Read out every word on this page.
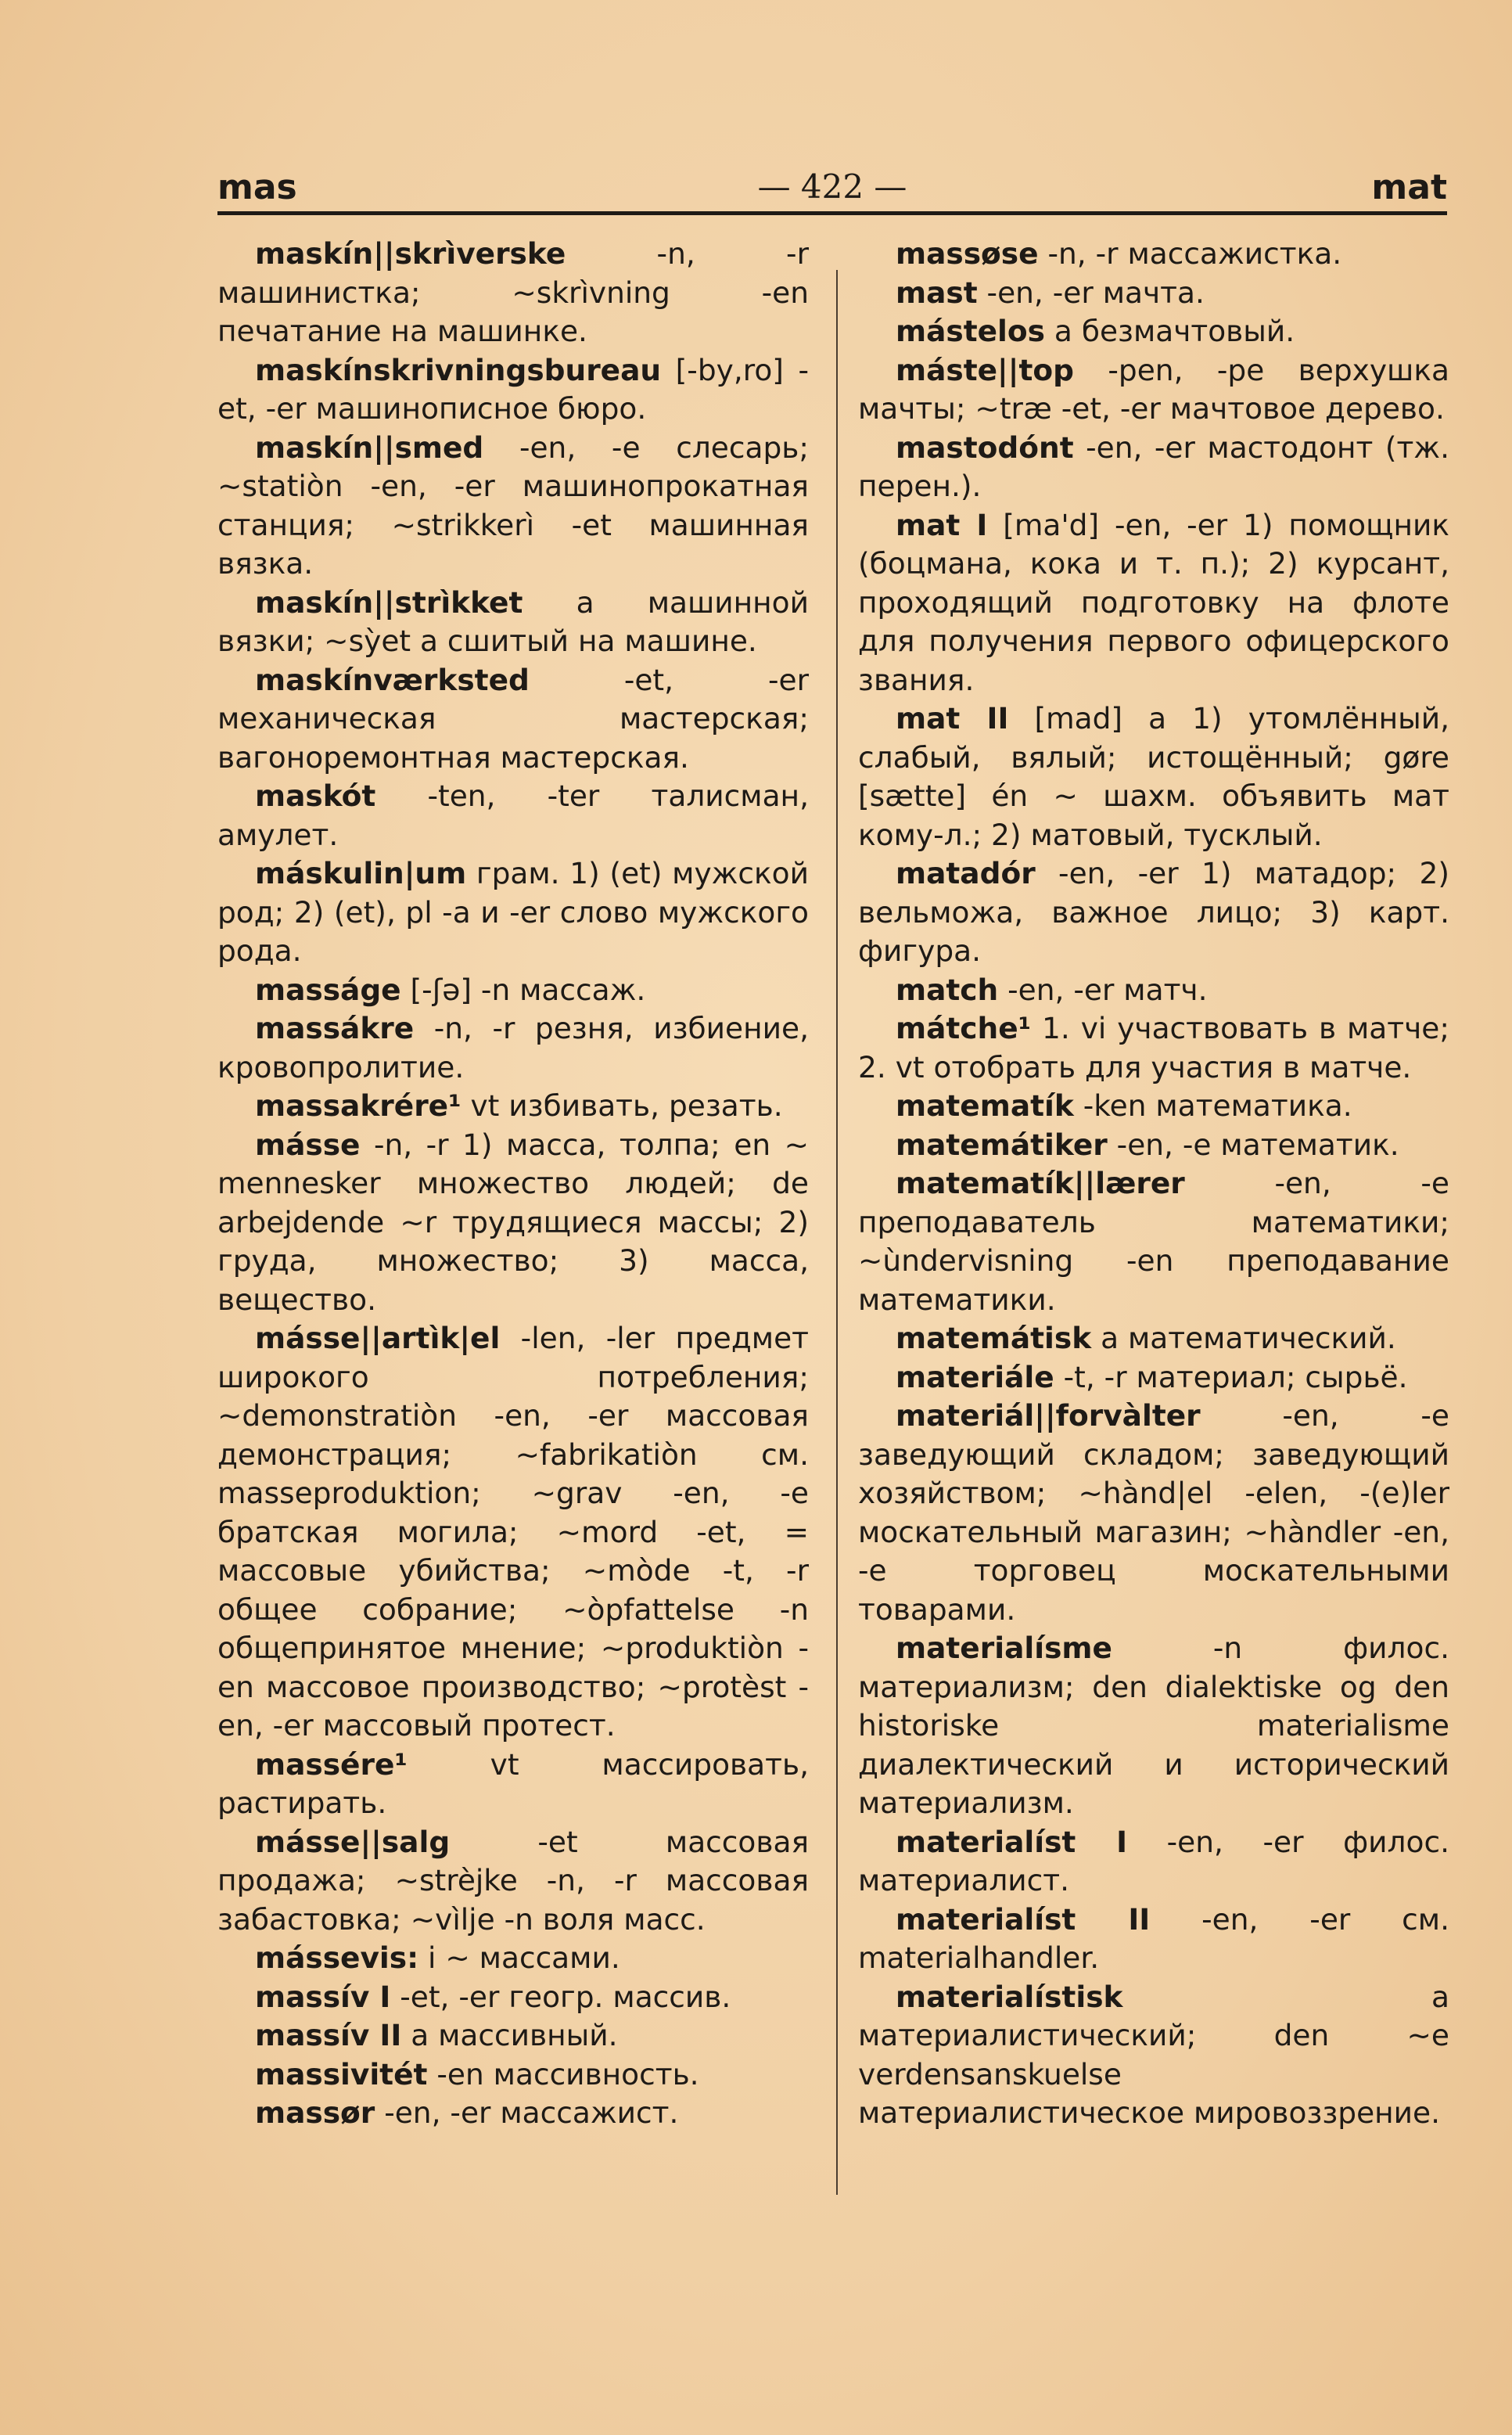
mas	— 422 —	mat

maskín||skrìverske -n, -r машинистка; ~skrìvning -en печатание на машинке.

maskínskrivningsbureau [-by,ro] -et, -er машинописное бюро.

maskín||smed -en, -e слесарь; ~statiòn -en, -er машинопрокатная станция; ~strikkerì -et машинная вязка.

maskín||strìkket a машинной вязки; ~sỳet a сшитый на машине.

maskínværksted -et, -er механическая мастерская; вагоноремонтная мастерская.

maskót -ten, -ter талисман, амулет.

máskulin|um грам. 1) (et) мужской род; 2) (et), pl -a и -er слово мужского рода.

masságe [-ʃə] -n массаж.

massákre -n, -r резня, избиение, кровопролитие.

massakrére¹ vt избивать, резать.

másse -n, -r 1) масса, толпа; en ~ mennesker множество людей; de arbejdende ~r трудящиеся массы; 2) груда, множество; 3) масса, вещество.

másse||artìk|el -len, -ler предмет широкого потребления; ~demonstratiòn -en, -er массовая демонстрация; ~fabrikatiòn см. masseproduktion; ~grav -en, -e братская могила; ~mord -et, = массовые убийства; ~mòde -t, -r общее собрание; ~òpfattelse -n общепринятое мнение; ~produktiòn -en массовое производство; ~protèst -en, -er массовый протест.

massére¹ vt массировать, растирать.

másse||salg -et массовая продажа; ~strèjke -n, -r массовая забастовка; ~vìlje -n воля масс.

mássevis: i ~ массами.

massív I -et, -er геогр. массив.

massív II a массивный.

massivitét -en массивность.

massør -en, -er массажист.

massøse -n, -r массажистка.

mast -en, -er мачта.

mástelos a безмачтовый.

máste||top -pen, -pe верхушка мачты; ~træ -et, -er мачтовое дерево.

mastodónt -en, -er мастодонт (тж. перен.).

mat I [ma'd] -en, -er 1) помощник (боцмана, кока и т. п.); 2) курсант, проходящий подготовку на флоте для получения первого офицерского звания.

mat II [mad] a 1) утомлённый, слабый, вялый; истощённый; gøre [sætte] én ~ шахм. объявить мат кому-л.; 2) матовый, тусклый.

matadór -en, -er 1) матадор; 2) вельможа, важное лицо; 3) карт. фигура.

match -en, -er матч.

mátche¹ 1. vi участвовать в матче; 2. vt отобрать для участия в матче.

matematík -ken математика.

matemátiker -en, -e математик.

matematík||lærer -en, -e преподаватель математики; ~ùndervisning -en преподавание математики.

matemátisk a математический.

materiále -t, -r материал; сырьё.

materiál||forvàlter -en, -e заведующий складом; заведующий хозяйством; ~hànd|el -elen, -(e)ler москательный магазин; ~hàndler -en, -e торговец москательными товарами.

materialísme -n филос. материализм; den dialektiske og den historiske materialisme диалектический и исторический материализм.

materialíst I -en, -er филос. материалист.

materialíst II -en, -er см. materialhandler.

materialístisk a материалистический; den ~e verdensanskuelse материалистическое мировоззрение.
